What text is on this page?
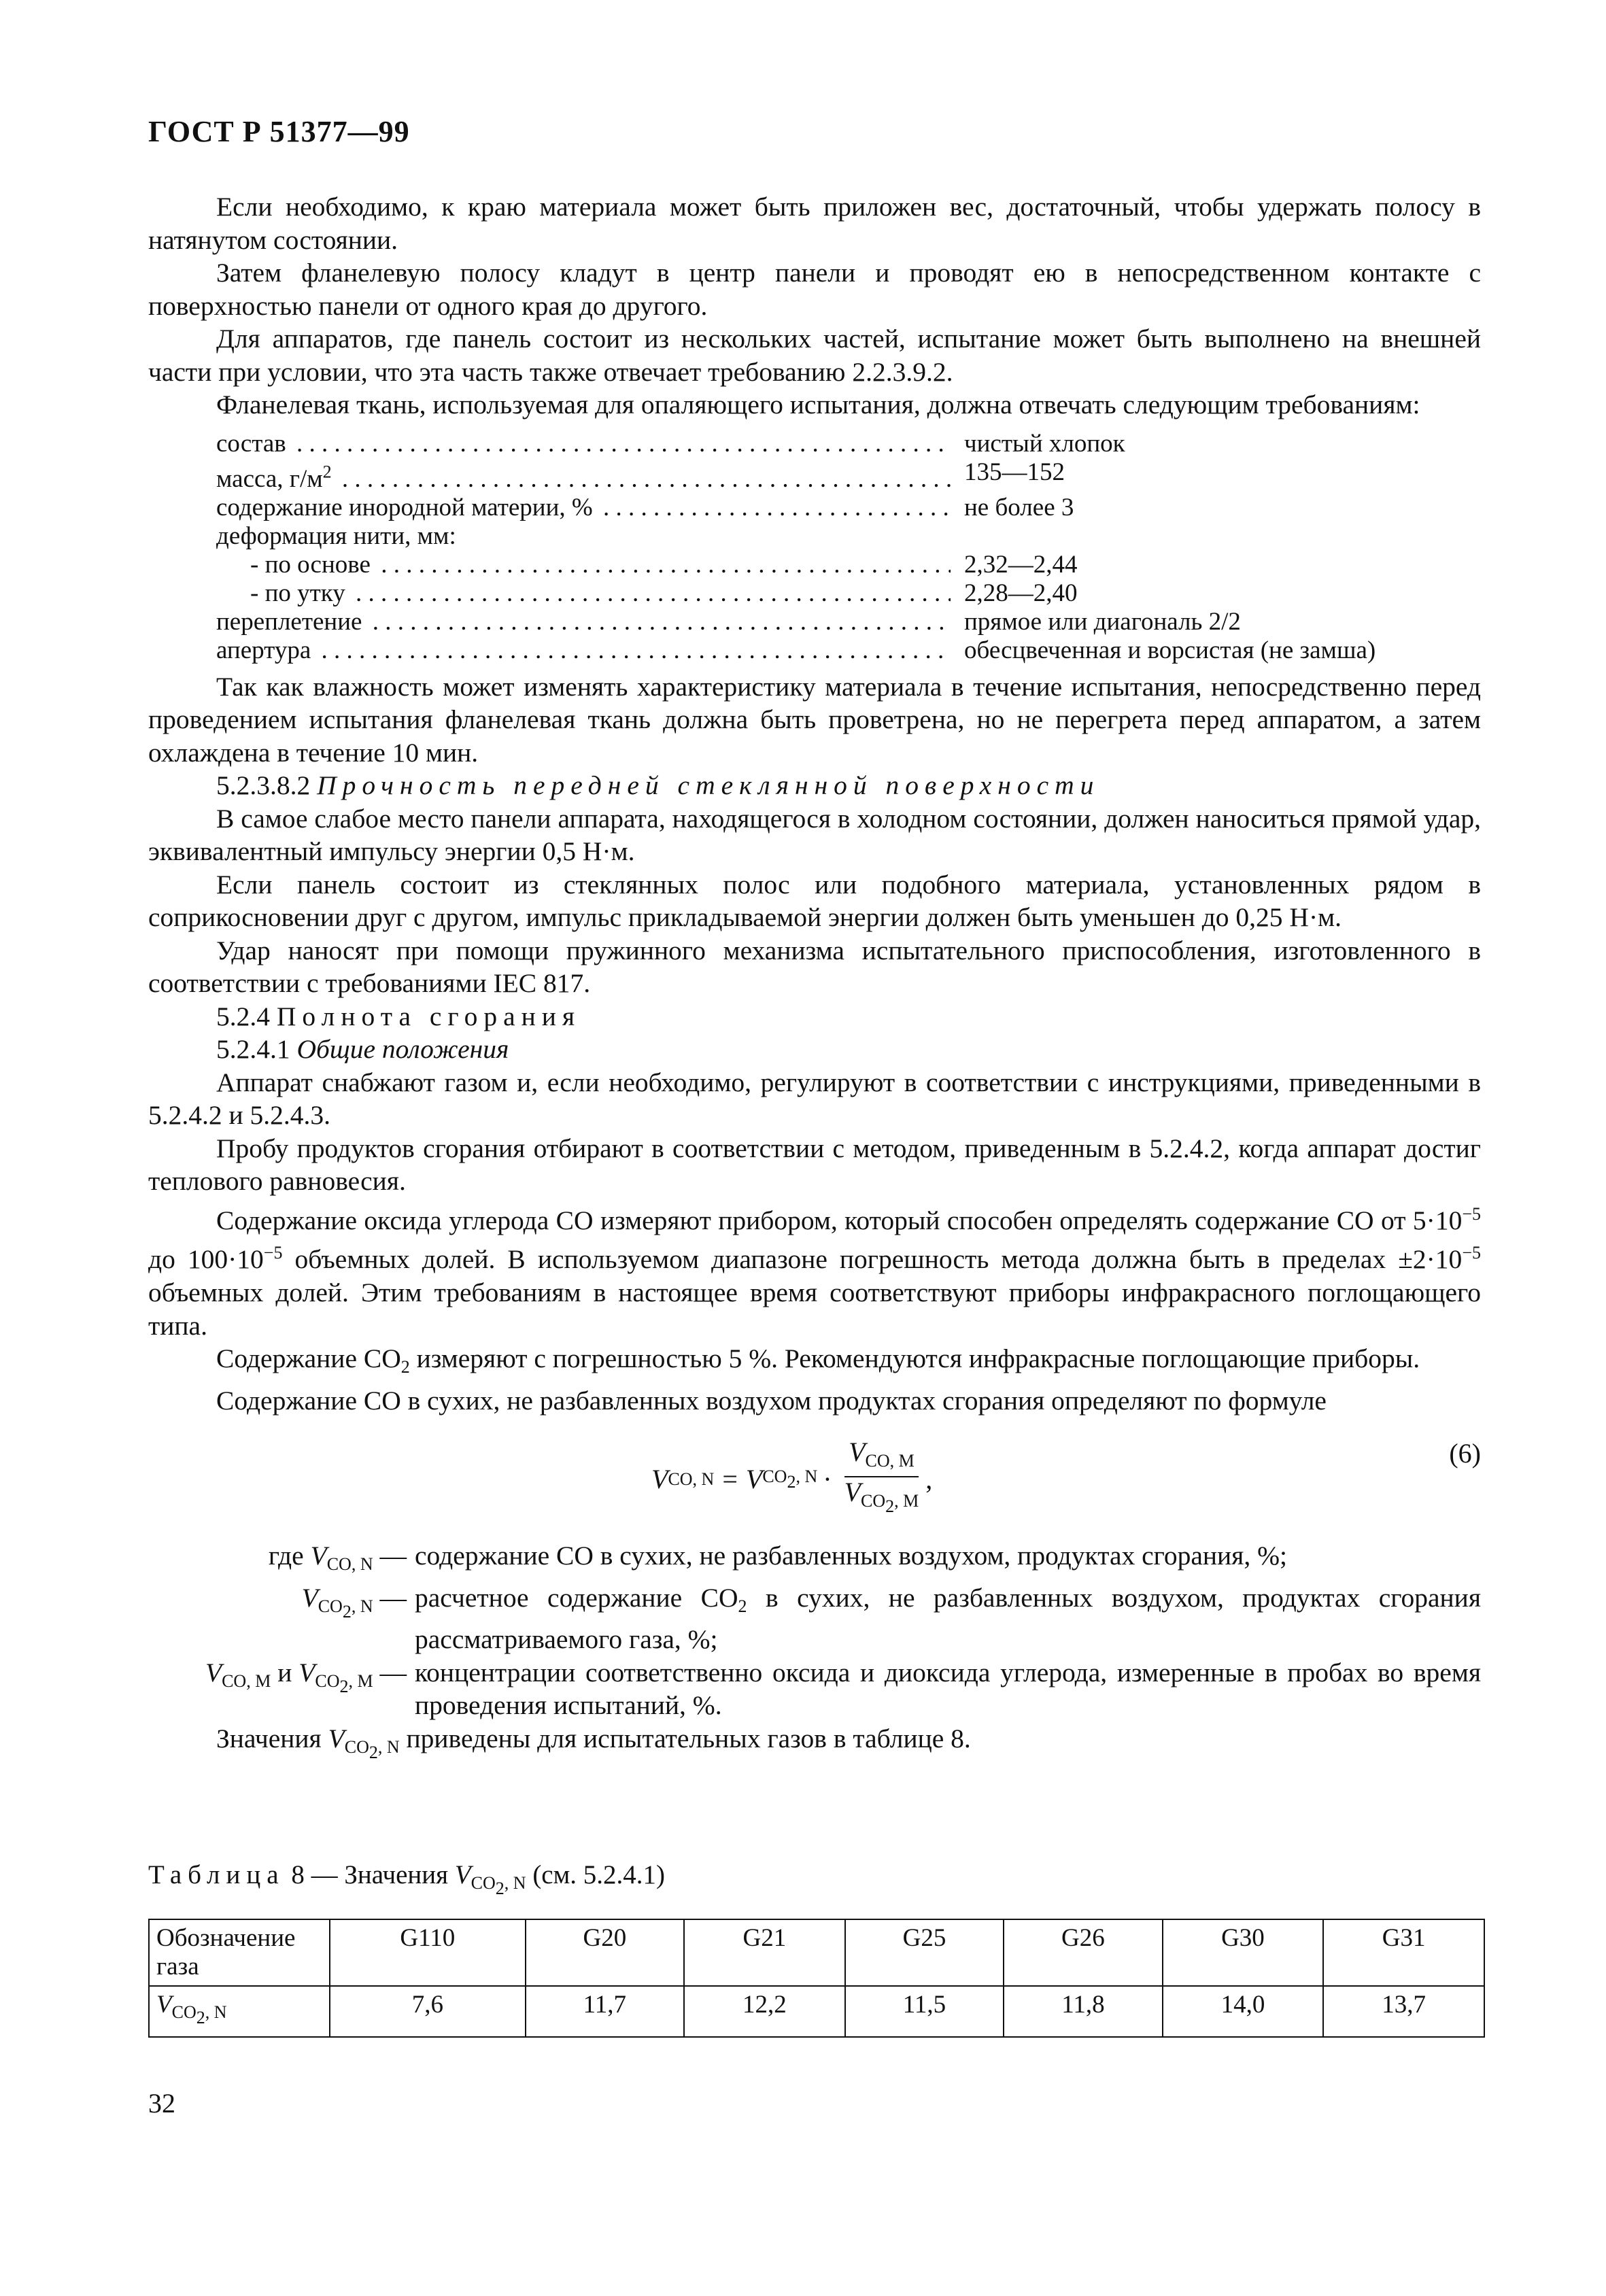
ГОСТ Р 51377—99

Если необходимо, к краю материала может быть приложен вес, достаточный, чтобы удержать полосу в натянутом состоянии.

Затем фланелевую полосу кладут в центр панели и проводят ею в непосредственном контакте с поверхностью панели от одного края до другого.

Для аппаратов, где панель состоит из нескольких частей, испытание может быть выполнено на внешней части при условии, что эта часть также отвечает требованию 2.2.3.9.2.

Фланелевая ткань, используемая для опаляющего испытания, должна отвечать следующим требованиям:

состав . . .	чистый хлопок
масса, $г/м^2$ . . .	135—152
содержание инородной материи, % . . .	не более 3
деформация нити, мм:
- по основе . . .	2,32—2,44
- по утку . . .	2,28—2,40
переплетение . . .	прямое или диагональ 2/2
апертура . . .	обесцвеченная и ворсистая (не замша)

Так как влажность может изменять характеристику материала в течение испытания, непосредственно перед проведением испытания фланелевая ткань должна быть проветрена, но не перегрета перед аппаратом, а затем охлаждена в течение 10 мин.

5.2.3.8.2 Прочность передней стеклянной поверхности

В самое слабое место панели аппарата, находящегося в холодном состоянии, должен наноситься прямой удар, эквивалентный импульсу энергии 0,5 Н·м.

Если панель состоит из стеклянных полос или подобного материала, установленных рядом в соприкосновении друг с другом, импульс прикладываемой энергии должен быть уменьшен до 0,25 Н·м.

Удар наносят при помощи пружинного механизма испытательного приспособления, изготовленного в соответствии с требованиями IEC 817.

5.2.4 Полнота сгорания

5.2.4.1 Общие положения

Аппарат снабжают газом и, если необходимо, регулируют в соответствии с инструкциями, приведенными в 5.2.4.2 и 5.2.4.3.

Пробу продуктов сгорания отбирают в соответствии с методом, приведенным в 5.2.4.2, когда аппарат достиг теплового равновесия.

Содержание оксида углерода СО измеряют прибором, который способен определять содержание СО от $5\cdot 10^{-5}$ до $100\cdot 10^{-5}$ объемных долей. В используемом диапазоне погрешность метода должна быть в пределах $\pm 2\cdot 10^{-5}$ объемных долей. Этим требованиям в настоящее время соответствуют приборы инфракрасного поглощающего типа.

Содержание $СО_2$ измеряют с погрешностью 5 %. Рекомендуются инфракрасные поглощающие приборы.

Содержание СО в сухих, не разбавленных воздухом продуктах сгорания определяют по формуле

V CO, N = V $CO_2$, $N \cdot \frac{V_{CO, M}}{V_{CO_2, M}}$ ,
(6)
где $V_{CO, N}$ — содержание СО в сухих, не разбавленных воздухом, продуктах сгорания, %;
$V_{CO_2, N}$ — расчетное содержание $СО_2$ в сухих, не разбавленных воздухом, продуктах сгорания рассматриваемого газа, %;
$V_{CO, M}$ и $V_{CO_2, M}$ — концентрации соответственно оксида и диоксида углерода, измеренные в пробах во время проведения испытаний, %.

Значения $V_{CO_2, N}$ приведены для испытательных газов в таблице 8.

Таблица 8 — Значения $V_{CO_2, N}$ (см. 5.2.4.1)
Обозначение газа	G110	G20	G21	G25	G26	G30	G31
$V_{CO_2, N}$	7,6	11,7	12,2	11,5	11,8	14,0	13,7
32
